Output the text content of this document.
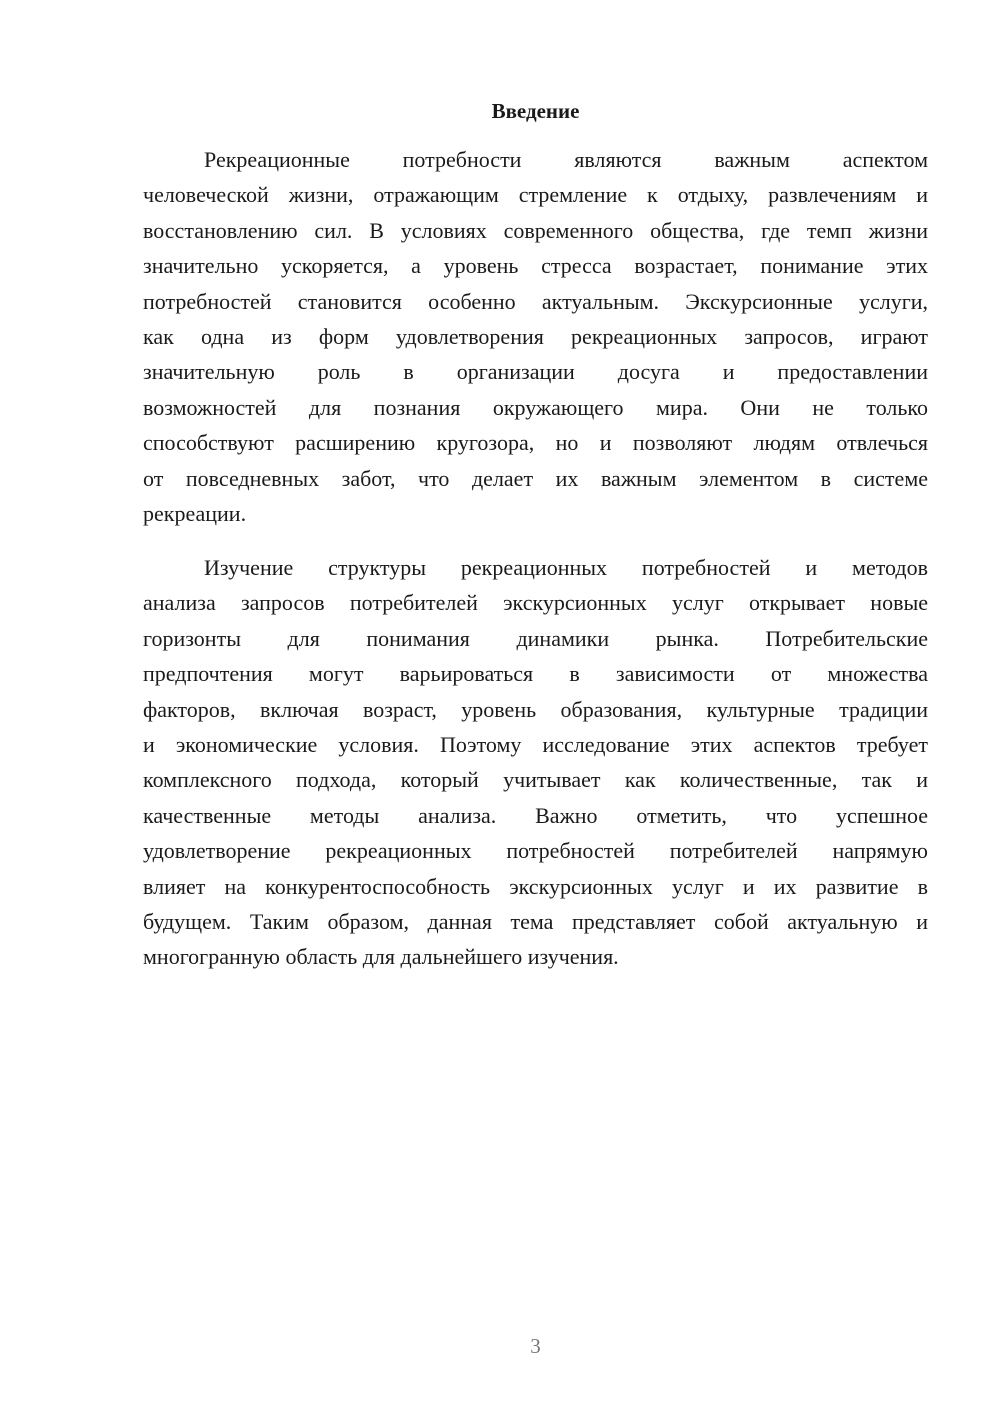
Введение
Рекреационные потребности являются важным аспектом
человеческой жизни, отражающим стремление к отдыху, развлечениям и
восстановлению сил. В условиях современного общества, где темп жизни
значительно ускоряется, а уровень стресса возрастает, понимание этих
потребностей становится особенно актуальным. Экскурсионные услуги,
как одна из форм удовлетворения рекреационных запросов, играют
значительную роль в организации досуга и предоставлении
возможностей для познания окружающего мира. Они не только
способствуют расширению кругозора, но и позволяют людям отвлечься
от повседневных забот, что делает их важным элементом в системе
рекреации.
Изучение структуры рекреационных потребностей и методов
анализа запросов потребителей экскурсионных услуг открывает новые
горизонты для понимания динамики рынка. Потребительские
предпочтения могут варьироваться в зависимости от множества
факторов, включая возраст, уровень образования, культурные традиции
и экономические условия. Поэтому исследование этих аспектов требует
комплексного подхода, который учитывает как количественные, так и
качественные методы анализа. Важно отметить, что успешное
удовлетворение рекреационных потребностей потребителей напрямую
влияет на конкурентоспособность экскурсионных услуг и их развитие в
будущем. Таким образом, данная тема представляет собой актуальную и
многогранную область для дальнейшего изучения.
3
